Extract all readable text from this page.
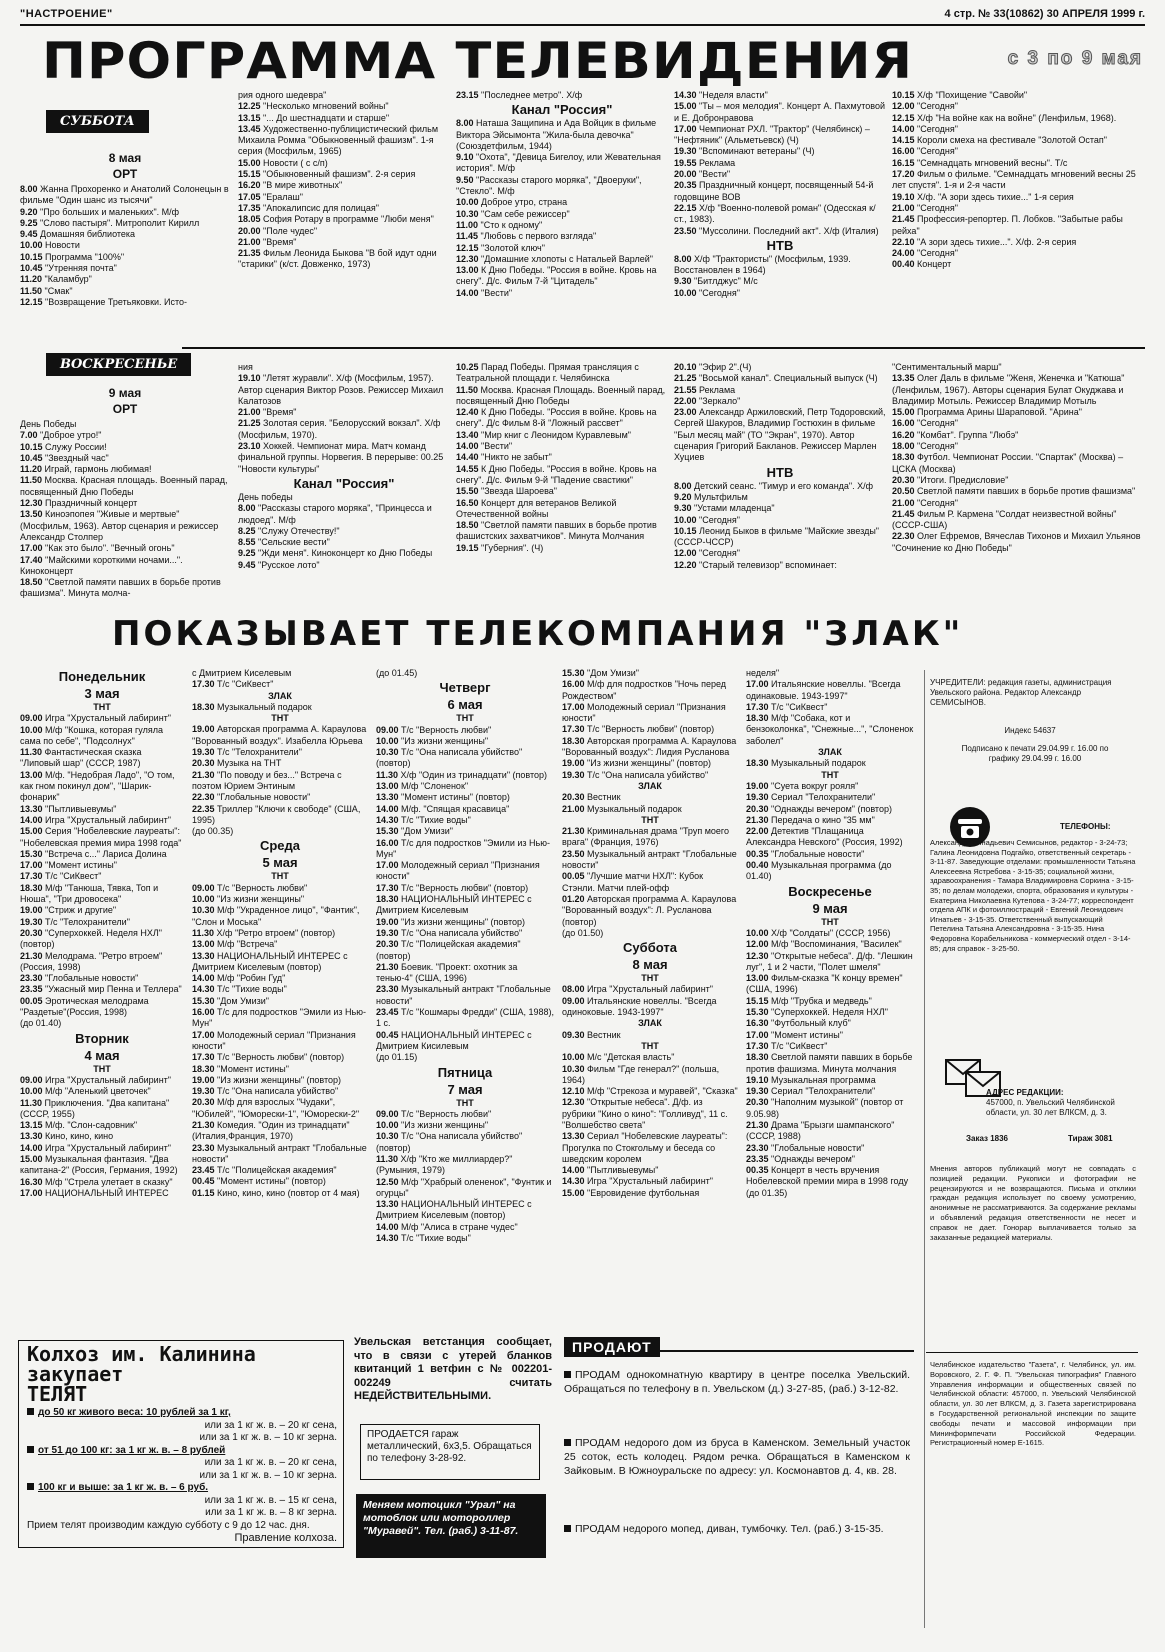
"НАСТРОЕНИЕ"	4 стр. № 33(10862) 30 АПРЕЛЯ 1999 г.
ПРОГРАММА ТЕЛЕВИДЕНИЯ	с 3 по 9 мая
СУББОТА
8 мая
ОРТ
8.00 Жанна Прохоренко и Анатолий Солонецын в фильме "Один шанс из тысячи"
9.20 "Про больших и маленьких". М/ф
9.25 "Слово пастыря". Митрополит Кирилл
9.45 Домашняя библиотека
10.00 Новости
10.15 Программа "100%"
10.45 "Утренняя почта"
11.20 "Каламбур"
11.50 "Смак"
12.15 "Возвращение Третьяковки. Исто-
рия одного шедевра"
12.25 "Несколько мгновений войны"
13.15 "... До шестнадцати и старше"
13.45 Художественно-публицистический фильм Михаила Ромма "Обыкновенный фашизм". 1-я серия (Мосфильм, 1965)
15.00 Новости ( с с/п)
15.15 "Обыкновенный фашизм". 2-я серия
16.20 "В мире животных"
17.05 "Ералаш"
17.35 "Апокалипсис для полицая"
18.05 София Ротару в программе "Люби меня"
20.00 "Поле чудес"
21.00 "Время"
21.35 Фильм Леонида Быкова "В бой идут одни "старики" (к/ст. Довженко, 1973)
23.15 "Последнее метро". Х/ф
Канал "Россия"
8.00 Наташа Защипина и Ада Войцик в фильме Виктора Эйсымонта "Жила-была девочка" (Союздетфильм, 1944)
9.10 "Охота", "Девица Бигелоу, или Жевательная история". М/ф
9.50 "Рассказы старого моряка", "Двоеруки", "Стекло". М/ф
10.00 Доброе утро, страна
10.30 "Сам себе режиссер"
11.00 "Сто к одному"
11.45 "Любовь с первого взгляда"
12.15 "Золотой ключ"
12.30 "Домашние хлопоты с Натальей Варлей"
13.00 К Дню Победы. "Россия в войне. Кровь на снегу". Д/с. Фильм 7-й "Цитадель"
14.00 "Вести"
14.30 "Неделя власти"
15.00 "Ты – моя мелодия". Концерт А. Пахмутовой и Е. Добронравова
17.00 Чемпионат РХЛ. "Трактор" (Челябинск) – "Нефтяник" (Альметьевск) (Ч)
19.30 "Вспоминают ветераны" (Ч)
19.55 Реклама
20.00 "Вести"
20.35 Праздничный концерт, посвященный 54-й годовщине ВОВ
22.15 Х/ф "Военно-полевой роман" (Одесская к/ст., 1983).
23.50 "Муссолини. Последний акт". Х/ф (Италия)
НТВ
8.00 Х/ф "Трактористы" (Мосфильм, 1939. Восстановлен в 1964)
9.30 "Битлджус" М/с
10.00 "Сегодня"
10.15 Х/ф "Похищение "Савойи"
12.00 "Сегодня"
12.15 Х/ф "На войне как на войне" (Ленфильм, 1968).
14.00 "Сегодня"
14.15 Короли смеха на фестивале "Золотой Остап"
16.00 "Сегодня"
16.15 "Семнадцать мгновений весны". Т/с
17.20 Фильм о фильме. "Семнадцать мгновений весны 25 лет спустя". 1-я и 2-я части
19.10 Х/ф. "А зори здесь тихие..." 1-я серия
21.00 "Сегодня"
21.45 Профессия-репортер. П. Лобков. "Забытые рабы рейха"
22.10 "А зори здесь тихие...". Х/ф. 2-я серия
24.00 "Сегодня"
00.40 Концерт
ВОСКРЕСЕНЬЕ
9 мая
ОРТ
День Победы
7.00 "Доброе утро!"
10.15 Служу России!
10.45 "Звездный час"
11.20 Играй, гармонь любимая!
11.50 Москва. Красная площадь. Военный парад, посвященный Дню Победы
12.30 Праздничный концерт
13.50 Киноэпопея "Живые и мертвые" (Мосфильм, 1963). Автор сценария и режиссер Александр Столпер
17.00 "Как это было". "Вечный огонь"
17.40 "Майскими короткими ночами...". Киноконцерт
18.50 "Светлой памяти павших в борьбе против фашизма". Минута молча-
ния
19.10 "Летят журавли". Х/ф (Мосфильм, 1957). Автор сценария Виктор Розов. Режиссер Михаил Калатозов
21.00 "Время"
21.25 Золотая серия. "Белорусский вокзал". Х/ф (Мосфильм, 1970).
23.10 Хоккей. Чемпионат мира. Матч команд финальной группы. Норвегия. В перерыве: 00.25 "Новости культуры"
Канал "Россия"
День победы
8.00 "Рассказы старого моряка", "Принцесса и людоед". М/ф
8.25 "Служу Отечеству!"
8.55 "Сельские вести"
9.25 "Жди меня". Киноконцерт ко Дню Победы
9.45 "Русское лото"
10.25 Парад Победы. Прямая трансляция с Театральной площади г. Челябинска
11.50 Москва. Красная Площадь. Военный парад, посвященный Дню Победы
12.40 К Дню Победы. "Россия в войне. Кровь на снегу". Д/с Фильм 8-й "Ложный рассвет"
13.40 "Мир книг с Леонидом Куравлевым"
14.00 "Вести"
14.40 "Никто не забыт"
14.55 К Дню Победы. "Россия в войне. Кровь на снегу". Д/с. Фильм 9-й "Падение свастики"
15.50 "Звезда Шароева"
16.50 Концерт для ветеранов Великой Отечественной войны
18.50 "Светлой памяти павших в борьбе против фашистских захватчиков". Минута Молчания
19.15 "Губерния". (Ч)
20.10 "Эфир 2".(Ч)
21.25 "Восьмой канал". Специальный выпуск (Ч)
21.55 Реклама
22.00 "Зеркало"
23.00 Александр Аржиловский, Петр Тодоровский, Сергей Шакуров, Владимир Гостюхин в фильме "Был месяц май" (ТО "Экран", 1970). Автор сценария Григорий Бакланов. Режиссер Марлен Хуциев
НТВ
8.00 Детский сеанс. "Тимур и его команда". Х/ф
9.20 Мультфильм
9.30 "Устами младенца"
10.00 "Сегодня"
10.15 Леонид Быков в фильме "Майские звезды" (СССР-ЧССР)
12.00 "Сегодня"
12.20 "Старый телевизор" вспоминает:
"Сентиментальный марш"
13.35 Олег Даль в фильме "Женя, Женечка и "Катюша" (Ленфильм, 1967). Авторы сценария Булат Окуджава и Владимир Мотыль. Режиссер Владимир Мотыль
15.00 Программа Арины Шараповой. "Арина"
16.00 "Сегодня"
16.20 "Комбат". Группа "Любэ"
18.00 "Сегодня"
18.30 Футбол. Чемпионат России. "Спартак" (Москва) – ЦСКА (Москва)
20.30 "Итоги. Предисловие"
20.50 Светлой памяти павших в борьбе против фашизма"
21.00 "Сегодня"
21.45 Фильм Р. Кармена "Солдат неизвестной войны" (СССР-США)
22.30 Олег Ефремов, Вячеслав Тихонов и Михаил Ульянов "Сочинение ко Дню Победы"
ПОКАЗЫВАЕТ ТЕЛЕКОМПАНИЯ "ЗЛАК"
Понедельник
3 мая
ТНТ
09.00 Игра "Хрустальный лабиринт"
10.00 М/ф "Кошка, которая гуляла сама по себе", "Подсолнух"
11.30 Фантастическая сказка "Липовый шар" (СССР, 1987)
13.00 М/ф. "Недобрая Ладо", "О том, как гном покинул дом", "Шарик-фонарик"
13.30 "Пытливыевумы"
14.00 Игра "Хрустальный лабиринт"
15.00 Серия "Нобелевские лауреаты": "Нобелевская премия мира 1998 года"
15.30 "Встреча с..." Лариса Долина
17.00 "Момент истины"
17.30 Т/с "СиКвест"
18.30 М/ф "Танюша, Тявка, Топ и Нюша", "Три дровосека"
19.00 "Стриж и другие"
19.30 Т/с "Телохранители"
20.30 "Суперхоккей. Неделя НХЛ" (повтор)
21.30 Мелодрама. "Ретро втроем" (Россия, 1998)
23.30 "Глобальные новости"
23.35 "Ужасный мир Пенна и Теллера"
00.05 Эротическая мелодрама "Раздетые"(Россия, 1998)
(до 01.40)
Вторник
4 мая
ТНТ
09.00 Игра "Хрустальный лабиринт"
10.00 М/ф "Аленький цветочек"
11.30 Приключения. "Два капитана" (СССР, 1955)
13.15 М/ф. "Слон-садовник"
13.30 Кино, кино, кино
14.00 Игра "Хрустальный лабиринт"
15.00 Музыкальная фантазия. "Два капитана-2" (Россия, Германия, 1992)
16.30 М/ф "Стрела улетает в сказку"
17.00 НАЦИОНАЛЬНЫЙ ИНТЕРЕС
с Дмитрием Киселевым
17.30 Т/с "СиКвест"
ЗЛАК
18.30 Музыкальный подарок
ТНТ
19.00 Авторская программа А. Караулова "Ворованный воздух". Изабелла Юрьева
19.30 Т/с "Телохранители"
20.30 Музыка на ТНТ
21.30 "По поводу и без..." Встреча с поэтом Юрием Энтиным
22.30 "Глобальные новости"
22.35 Триллер "Ключи к свободе" (США, 1995)
(до 00.35)
Среда
5 мая
ТНТ
09.00 Т/с "Верность любви"
10.00 "Из жизни женщины"
10.30 М/ф "Украденное лицо", "Фантик", "Слон и Моська"
11.30 Х/ф "Ретро втроем" (повтор)
13.00 М/ф "Встреча"
13.30 НАЦИОНАЛЬНЫЙ ИНТЕРЕС с Дмитрием Киселевым (повтор)
14.00 М/ф "Робин Гуд"
14.30 Т/с "Тихие воды"
15.30 "Дом Умизи"
16.00 Т/с для подростков "Эмили из Нью-Мун"
17.00 Молодежный сериал "Признания юности"
17.30 Т/с "Верность любви" (повтор)
18.30 "Момент истины"
19.00 "Из жизни женщины" (повтор)
19.30 Т/с "Она написала убийство"
20.30 М/ф для взрослых "Чудаки", "Юбилей", "Юморески-1", "Юморески-2"
21.30 Комедия. "Один из тринадцати" (Италия,Франция, 1970)
23.30 Музыкальный антракт "Глобальные новости"
23.45 Т/с "Полицейская академия"
00.45 "Момент истины" (повтор)
01.15 Кино, кино, кино (повтор от 4 мая)
(до 01.45)
Четверг
6 мая
ТНТ
09.00 Т/с "Верность любви"
10.00 "Из жизни женщины"
10.30 Т/с "Она написала убийство" (повтор)
11.30 Х/ф "Один из тринадцати" (повтор)
13.00 М/ф "Слоненок"
13.30 "Момент истины" (повтор)
14.00 М/ф. "Спящая красавица"
14.30 Т/с "Тихие воды"
15.30 "Дом Умизи"
16.00 Т/с для подростков "Эмили из Нью-Мун"
17.00 Молодежный сериал "Признания юности"
17.30 Т/с "Верность любви" (повтор)
18.30 НАЦИОНАЛЬНЫЙ ИНТЕРЕС с Дмитрием Киселевым
19.00 "Из жизни женщины" (повтор)
19.30 Т/с "Она написала убийство"
20.30 Т/с "Полицейская академия" (повтор)
21.30 Боевик. "Проект: охотник за тенью-4" (США, 1996)
23.30 Музыкальный антракт "Глобальные новости"
23.45 Т/с "Кошмары Фредди" (США, 1988), 1 с.
00.45 НАЦИОНАЛЬНЫЙ ИНТЕРЕС с Дмитрием Кисилевым
(до 01.15)
Пятница
7 мая
ТНТ
09.00 Т/с "Верность любви"
10.00 "Из жизни женщины"
10.30 Т/с "Она написала убийство" (повтор)
11.30 Х/ф "Кто же миллиардер?" (Румыния, 1979)
12.50 М/ф "Храбрый олененок", "Фунтик и огурцы"
13.30 НАЦИОНАЛЬНЫЙ ИНТЕРЕС с Дмитрием Киселевым (повтор)
14.00 М/ф "Алиса в стране чудес"
14.30 Т/с "Тихие воды"
15.30 "Дом Умизи"
16.00 М/ф для подростков "Ночь перед Рождеством"
17.00 Молодежный сериал "Признания юности"
17.30 Т/с "Верность любви" (повтор)
18.30 Авторская программа А. Караулова "Ворованный воздух": Лидия Русланова
19.00 "Из жизни женщины" (повтор)
19.30 Т/с "Она написала убийство"
ЗЛАК
20.30 Вестник
21.00 Музыкальный подарок
ТНТ
21.30 Криминальная драма "Труп моего врага" (Франция, 1976)
23.50 Музыкальный антракт "Глобальные новости"
00.05 "Лучшие матчи НХЛ": Кубок Стэнли. Матчи плей-офф
01.20 Авторская программа А. Караулова "Ворованный воздух": Л. Русланова (повтор)
(до 01.50)
Суббота
8 мая
ТНТ
08.00 Игра "Хрустальный лабиринт"
09.00 Итальянские новеллы. "Всегда одиноковые. 1943-1997"
ЗЛАК
09.30 Вестник
ТНТ
10.00 М/с "Детская власть"
10.30 Фильм "Где генерал?" (польша, 1964)
12.10 М/ф "Стрекоза и муравей", "Сказка"
12.30 "Открытые небеса". Д/ф. из рубрики "Кино о кино": "Голливуд", 11 с. "Волшебство света"
13.30 Сериал "Нобелевские лауреаты": Прогулка по Стокгольму и беседа со шведским королем
14.00 "Пытливыевумы"
14.30 Игра "Хрустальный лабиринт"
15.00 "Евровидение футбольная
неделя"
17.00 Итальянские новеллы. "Всегда одинаковые. 1943-1997"
17.30 Т/с "СиКвест"
18.30 М/ф "Собака, кот и бензоколонка", "Снежные...", "Слоненок заболел"
ЗЛАК
18.30 Музыкальный подарок
ТНТ
19.00 "Суета вокруг рояля"
19.30 Сериал "Телохранители"
20.30 "Однажды вечером" (повтор)
21.30 Передача о кино "35 мм"
22.00 Детектив "Плащаница Александра Невского" (Россия, 1992)
00.35 "Глобальные новости"
00.40 Музыкальная программа (до 01.40)
Воскресенье
9 мая
ТНТ
10.00 Х/ф "Солдаты" (СССР, 1956)
12.00 М/ф "Воспоминания, "Василек"
12.30 "Открытые небеса". Д/ф. "Лешкин луг", 1 и 2 части, "Полет шмеля"
13.00 Фильм-сказка "К концу времен" (США, 1996)
15.15 М/ф "Трубка и медведь"
15.30 "Суперхоккей. Неделя НХЛ"
16.30 "Футбольный клуб"
17.00 "Момент истины"
17.30 Т/с "СиКвест"
18.30 Светлой памяти павших в борьбе против фашизма. Минута молчания
19.10 Музыкальная программа
19.30 Сериал "Телохранители"
20.30 "Наполним музыкой" (повтор от 9.05.98)
21.30 Драма "Брызги шампанского" (СССР, 1988)
23.30 "Глобальные новости"
23.35 "Однажды вечером"
00.35 Концерт в честь вручения Нобелевской премии мира в 1998 году
(до 01.35)
УЧРЕДИТЕЛИ: редакция газеты, администрация Увельского района. Редактор Александр СЕМИСЫНОВ.
Индекс 54637
Подписано к печати 29.04.99 г. 16.00 по графику 29.04.99 г. 16.00
ТЕЛЕФОНЫ:
Александр Геннадьевич Семисынов, редактор - 3-24-73; Галина Леонидовна Подгайко, ответственный секретарь - 3-11-87. Заведующие отделами: промышленности Татьяна Алексеевна Ястребова - 3-15-35; социальной жизни, здравоохранения - Тамара Владимировна Соркина - 3-15-35; по делам молодежи, спорта, образования и культуры - Екатерина Николаевна Кутепова - 3-24-77; корреспондент отдела АПК и фотоиллюстраций - Евгений Леонидович Игнатьев - 3-15-35. Ответственный выпускающий Петелина Татьяна Александровна - 3-15-35. Нина Федоровна Корабельникова - коммерческий отдел - 3-14-85; для справок - 3-25-50.
АДРЕС РЕДАКЦИИ:
457000, п. Увельский Челябинской области, ул. 30 лет ВЛКСМ, д. 3.
Заказ 1836	Тираж 3081
Мнения авторов публикаций могут не совпадать с позицией редакции. Рукописи и фотографии не рецензируются и не возвращаются. Письма и отклики граждан редакция использует по своему усмотрению, анонимные не рассматриваются. За содержание рекламы и объявлений редакция ответственности не несет и справок не дает. Гонорар выплачивается только за заказанные редакцией материалы.
Челябинское издательство "Газета", г. Челябинск, ул. им. Воровского, 2. Г. Ф. П. "Увельская типография" Главного Управления информации и общественных связей по Челябинской области: 457000, п. Увельский Челябинской области, ул. 30 лет ВЛКСМ, д. 3. Газета зарегистрирована в Государственной региональной инспекции по защите свободы печати и массовой информации при Мининформпечати Российской Федерации. Регистрационный номер Е-1615.
Колхоз им. Калинина
закупает
ТЕЛЯТ
до 50 кг живого веса: 10 рублей за 1 кг,
или за 1 кг ж. в. – 20 кг сена,
или за 1 кг ж. в. – 10 кг зерна.
от 51 до 100 кг: за 1 кг ж. в. – 8 рублей
или за 1 кг ж. в. – 20 кг сена,
или за 1 кг ж. в. – 10 кг зерна.
100 кг и выше: за 1 кг ж. в. – 6 руб.
или за 1 кг ж. в. – 15 кг сена,
или за 1 кг ж. в. – 8 кг зерна.
Прием телят производим каждую субботу с 9 до 12 час. дня.
Правление колхоза.
Увельская ветстанция сообщает, что в связи с утерей бланков квитанций 1 ветфин с № 002201-002249 считать НЕДЕЙСТВИТЕЛЬНЫМИ.
ПРОДАЕТСЯ гараж металлический, 6х3,5. Обращаться по телефону 3-28-92.
Меняем мотоцикл "Урал" на мотоблок или мотороллер "Муравей". Тел. (раб.) 3-11-87.
ПРОДАЮТ
ПРОДАМ однокомнатную квартиру в центре поселка Увельский. Обращаться по телефону в п. Увельском (д.) 3-27-85, (раб.) 3-12-82.
ПРОДАМ недорого дом из бруса в Каменском. Земельный участок 25 соток, есть колодец. Рядом речка. Обращаться в Каменском к Зайковым. В Южноуральске по адресу: ул. Космонавтов д. 4, кв. 28.
ПРОДАМ недорого мопед, диван, тумбочку. Тел. (раб.) 3-15-35.
